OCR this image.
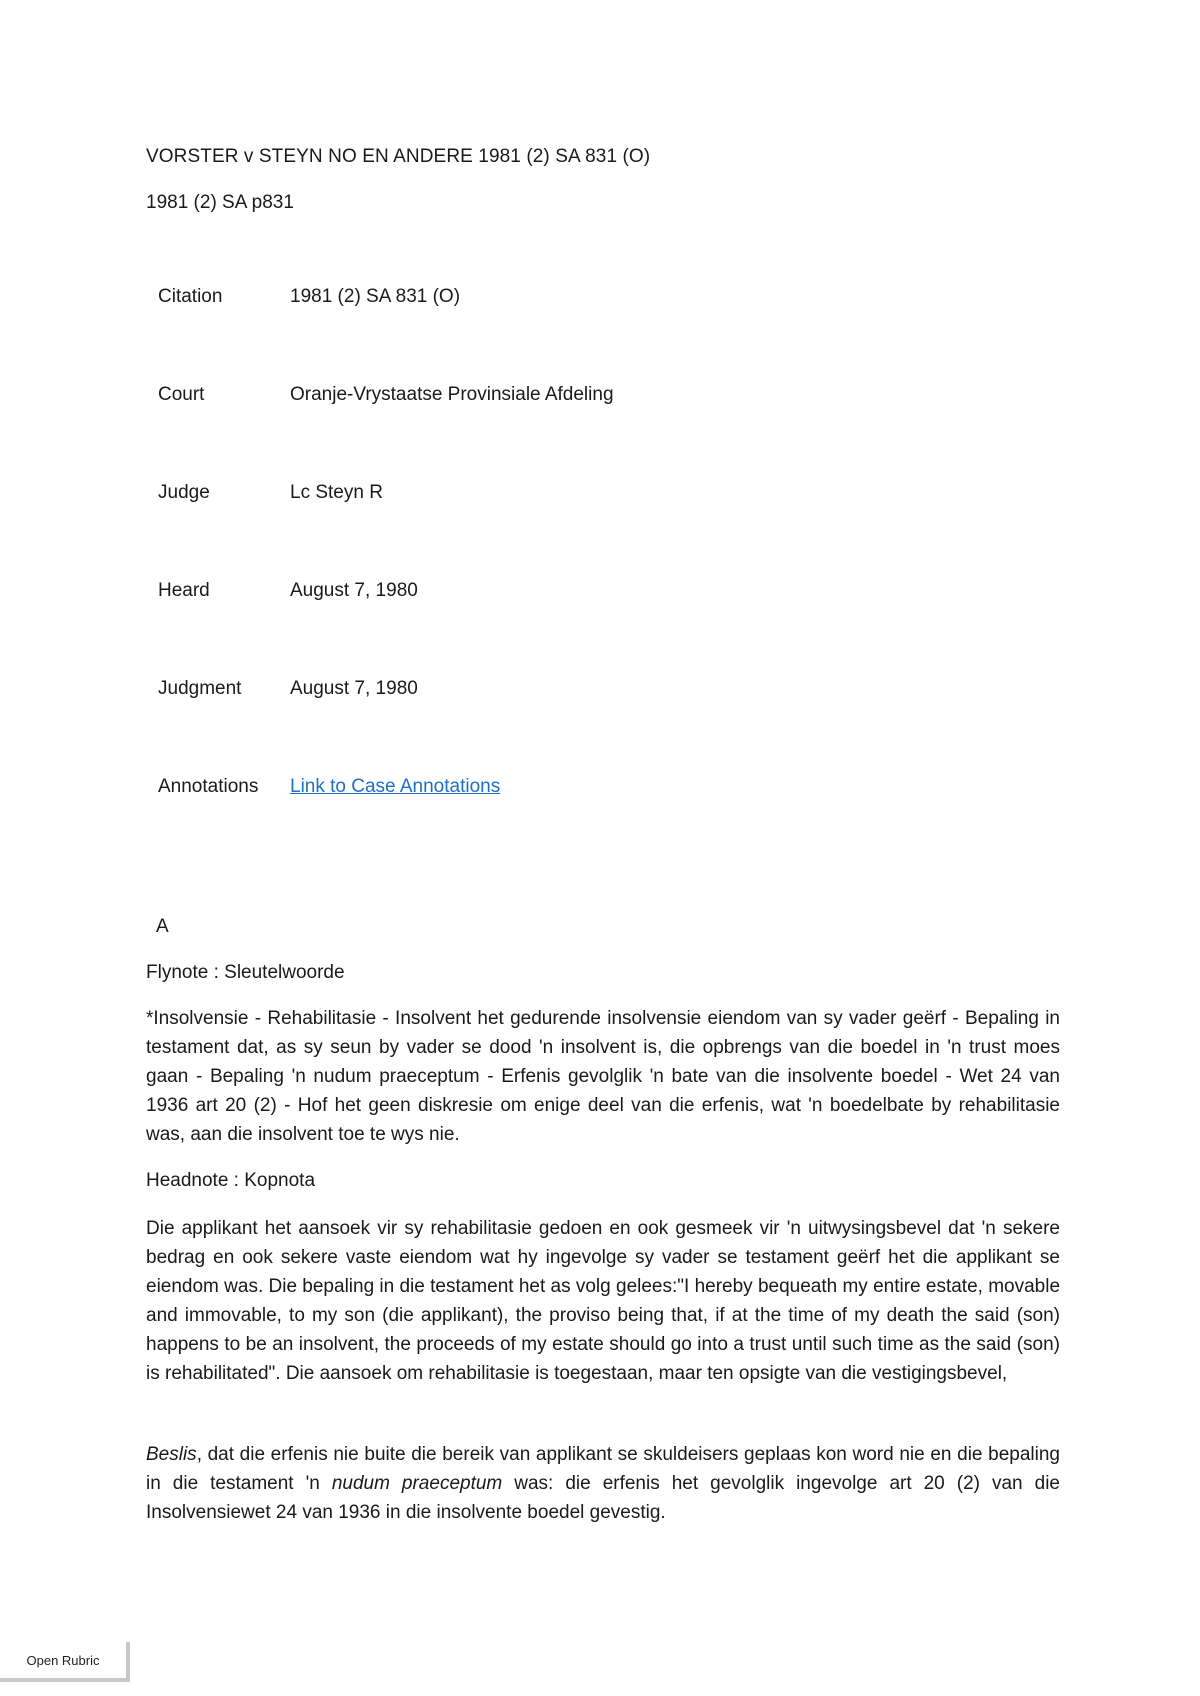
VORSTER v STEYN NO EN ANDERE 1981 (2) SA 831 (O)
1981 (2) SA p831
Citation	1981 (2) SA 831 (O)
Court	Oranje-Vrystaatse Provinsiale Afdeling
Judge	Lc Steyn R
Heard	August 7, 1980
Judgment	August 7, 1980
Annotations Link to Case Annotations
A
Flynote : Sleutelwoorde
*Insolvensie - Rehabilitasie - Insolvent het gedurende insolvensie eiendom van sy vader geërf - Bepaling in testament dat, as sy seun by vader se dood 'n insolvent is, die opbrengs van die boedel in 'n trust moes gaan - Bepaling 'n nudum praeceptum - Erfenis gevolglik 'n bate van die insolvente boedel - Wet 24 van 1936 art 20 (2) - Hof het geen diskresie om enige deel van die erfenis, wat 'n boedelbate by rehabilitasie was, aan die insolvent toe te wys nie.
Headnote : Kopnota
Die applikant het aansoek vir sy rehabilitasie gedoen en ook gesmeek vir 'n uitwysingsbevel dat 'n sekere bedrag en ook sekere vaste eiendom wat hy ingevolge sy vader se testament geërf het die applikant se eiendom was. Die bepaling in die testament het as volg gelees:"I hereby bequeath my entire estate, movable and immovable, to my son (die applikant), the proviso being that, if at the time of my death the said (son) happens to be an insolvent, the proceeds of my estate should go into a trust until such time as the said (son) is rehabilitated". Die aansoek om rehabilitasie is toegestaan, maar ten opsigte van die vestigingsbevel,
Beslis, dat die erfenis nie buite die bereik van applikant se skuldeisers geplaas kon word nie en die bepaling in die testament 'n nudum praeceptum was: die erfenis het gevolglik ingevolge art 20 (2) van die Insolvensiewet 24 van 1936 in die insolvente boedel gevestig.
Open Rubric
